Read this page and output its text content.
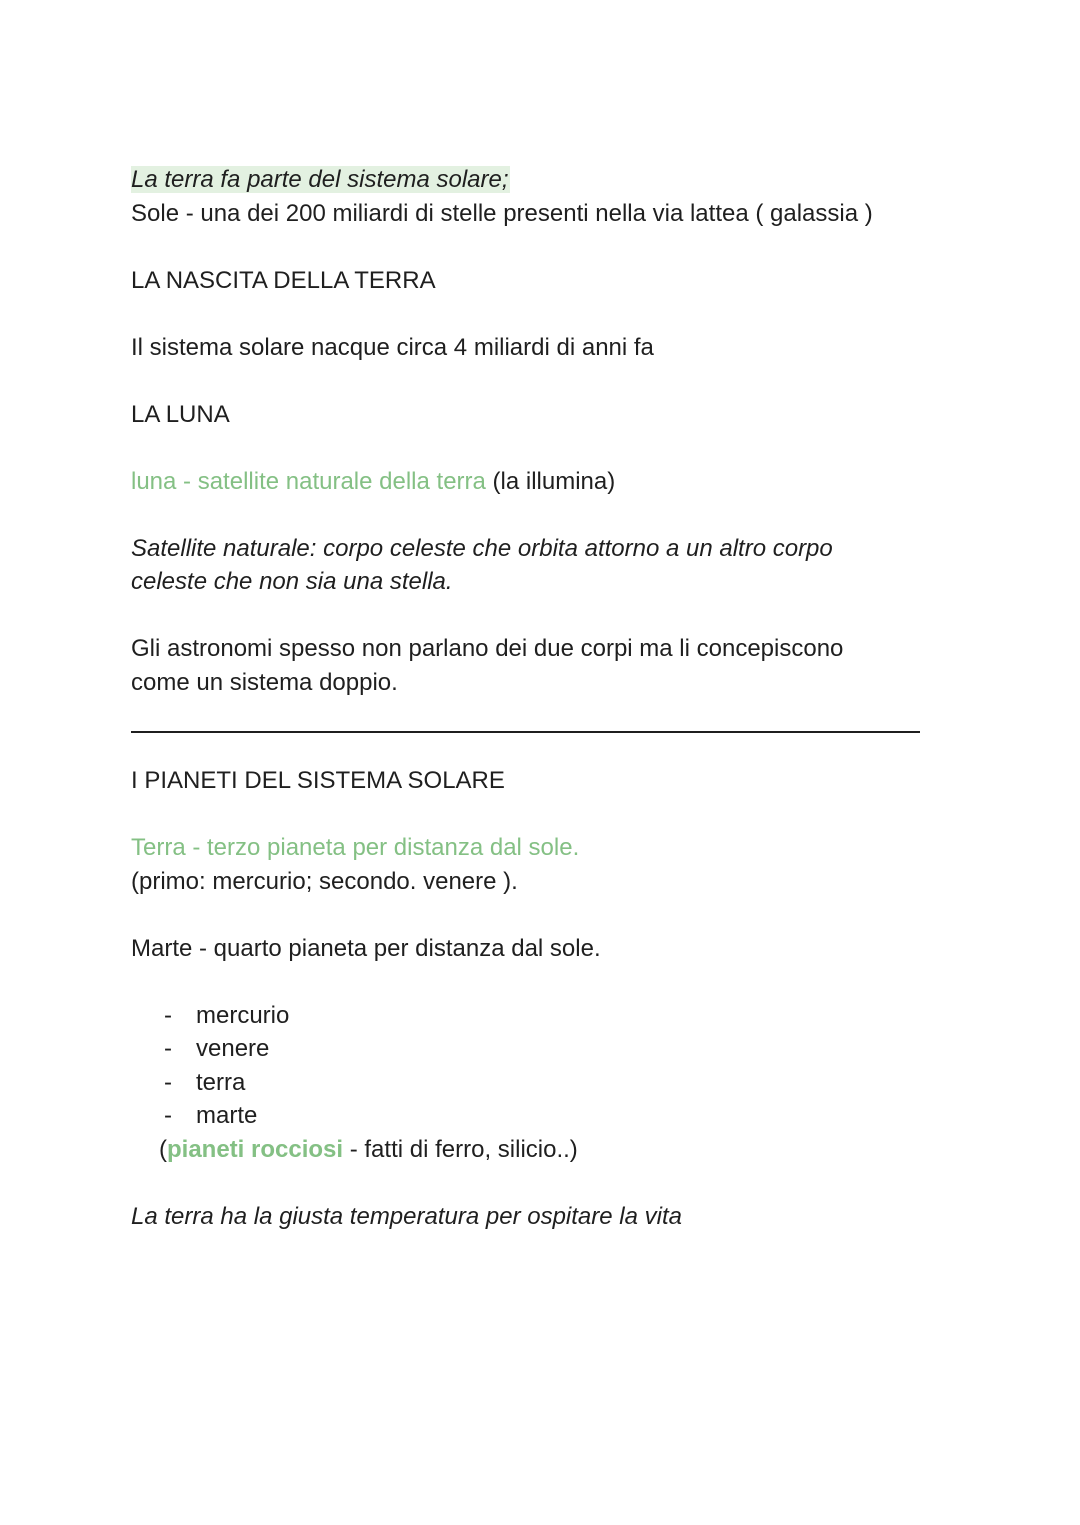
La terra fa parte del sistema solare;

Sole - una dei 200 miliardi di stelle presenti nella via lattea ( galassia )

LA NASCITA DELLA TERRA

Il sistema solare nacque circa 4 miliardi di anni fa

LA LUNA

luna - satellite naturale della terra (la illumina)

Satellite naturale: corpo celeste che orbita attorno a un altro corpo

celeste che non sia una stella.

Gli astronomi spesso non parlano dei due corpi ma li concepiscono

come un sistema doppio.

I PIANETI DEL SISTEMA SOLARE

Terra - terzo pianeta per distanza dal sole.

(primo: mercurio; secondo. venere ).

Marte - quarto pianeta per distanza dal sole.

- mercurio
- venere
- terra
- marte

(pianeti rocciosi - fatti di ferro, silicio..)

La terra ha la giusta temperatura per ospitare la vita
